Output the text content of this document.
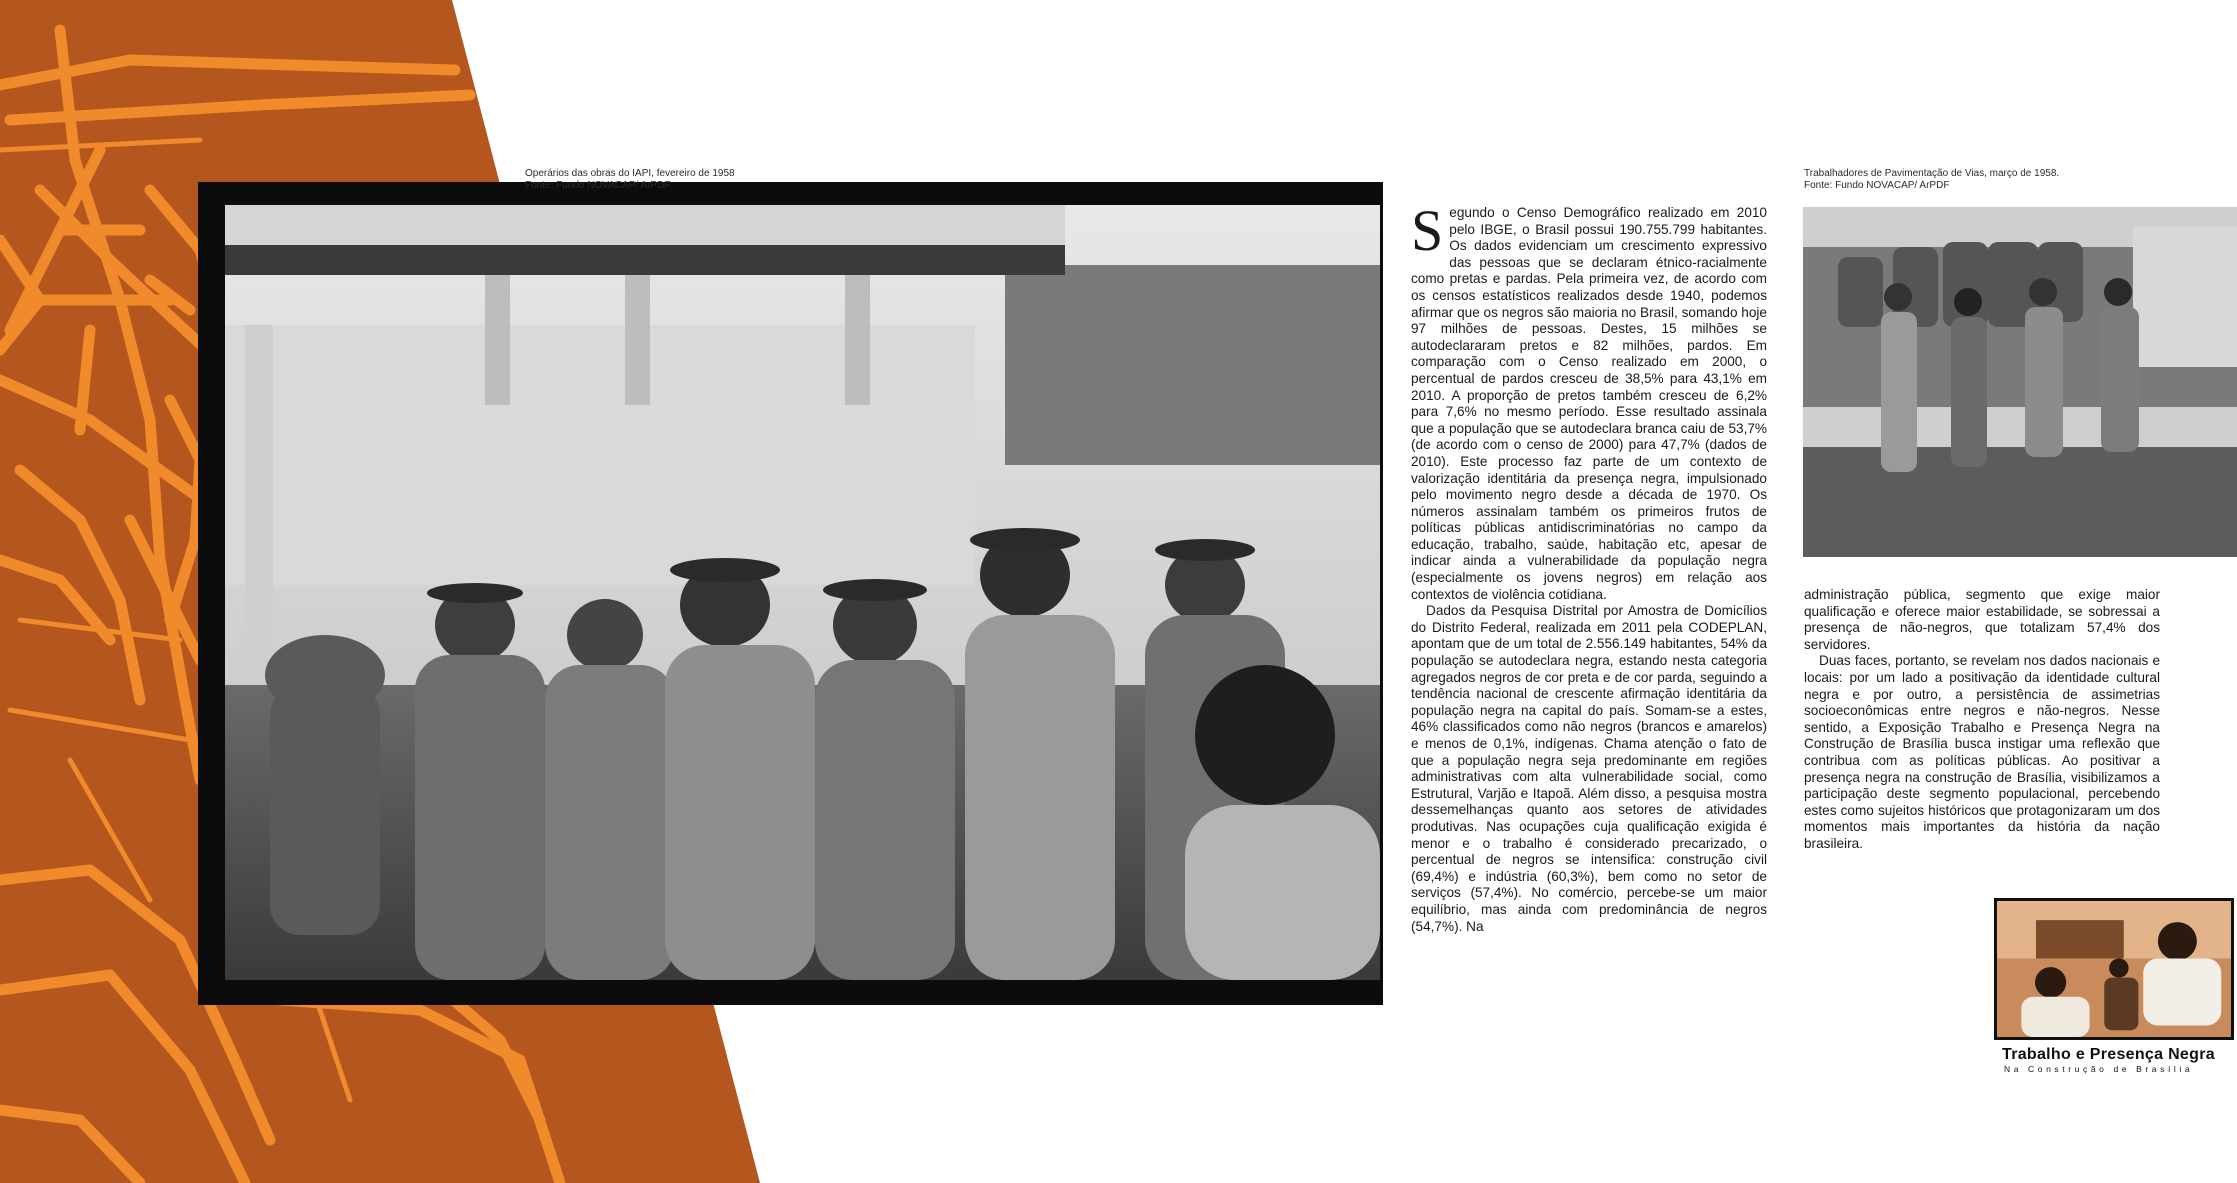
Operários das obras do IAPI, fevereiro de 1958
Fonte: Fundo NOVACAP/ ArPDF
Trabalhadores de Pavimentação de Vias, março de 1958.
Fonte: Fundo NOVACAP/ ArPDF

Segundo o Censo Demográfico realizado em 2010 pelo IBGE, o Brasil possui 190.755.799 habitantes. Os dados evidenciam um crescimento expressivo das pessoas que se declaram étnico-racialmente como pretas e pardas. Pela primeira vez, de acordo com os censos estatísticos realizados desde 1940, podemos afirmar que os negros são maioria no Brasil, somando hoje 97 milhões de pessoas. Destes, 15 milhões se autodeclararam pretos e 82 milhões, pardos. Em comparação com o Censo realizado em 2000, o percentual de pardos cresceu de 38,5% para 43,1% em 2010. A proporção de pretos também cresceu de 6,2% para 7,6% no mesmo período. Esse resultado assinala que a população que se autodeclara branca caiu de 53,7% (de acordo com o censo de 2000) para 47,7% (dados de 2010). Este processo faz parte de um contexto de valorização identitária da presença negra, impulsionado pelo movimento negro desde a década de 1970. Os números assinalam também os primeiros frutos de políticas públicas antidiscriminatórias no campo da educação, trabalho, saúde, habitação etc, apesar de indicar ainda a vulnerabilidade da população negra (especialmente os jovens negros) em relação aos contextos de violência cotidiana.

Dados da Pesquisa Distrital por Amostra de Domicílios do Distrito Federal, realizada em 2011 pela CODEPLAN, apontam que de um total de 2.556.149 habitantes, 54% da população se autodeclara negra, estando nesta categoria agregados negros de cor preta e de cor parda, seguindo a tendência nacional de crescente afirmação identitária da população negra na capital do país. Somam-se a estes, 46% classificados como não negros (brancos e amarelos) e menos de 0,1%, indígenas. Chama atenção o fato de que a população negra seja predominante em regiões administrativas com alta vulnerabilidade social, como Estrutural, Varjão e Itapoã. Além disso, a pesquisa mostra dessemelhanças quanto aos setores de atividades produtivas. Nas ocupações cuja qualificação exigida é menor e o trabalho é considerado precarizado, o percentual de negros se intensifica: construção civil (69,4%) e indústria (60,3%), bem como no setor de serviços (57,4%). No comércio, percebe-se um maior equilíbrio, mas ainda com predominância de negros (54,7%). Na

administração pública, segmento que exige maior qualificação e oferece maior estabilidade, se sobressai a presença de não-negros, que totalizam 57,4% dos servidores.

Duas faces, portanto, se revelam nos dados nacionais e locais: por um lado a positivação da identidade cultural negra e por outro, a persistência de assimetrias socioeconômicas entre negros e não-negros. Nesse sentido, a Exposição Trabalho e Presença Negra na Construção de Brasília busca instigar uma reflexão que contribua com as políticas públicas. Ao positivar a presença negra na construção de Brasília, visibilizamos a participação deste segmento populacional, percebendo estes como sujeitos históricos que protagonizaram um dos momentos mais importantes da história da nação brasileira.

Trabalho e Presença Negra
Na Construção de Brasília
